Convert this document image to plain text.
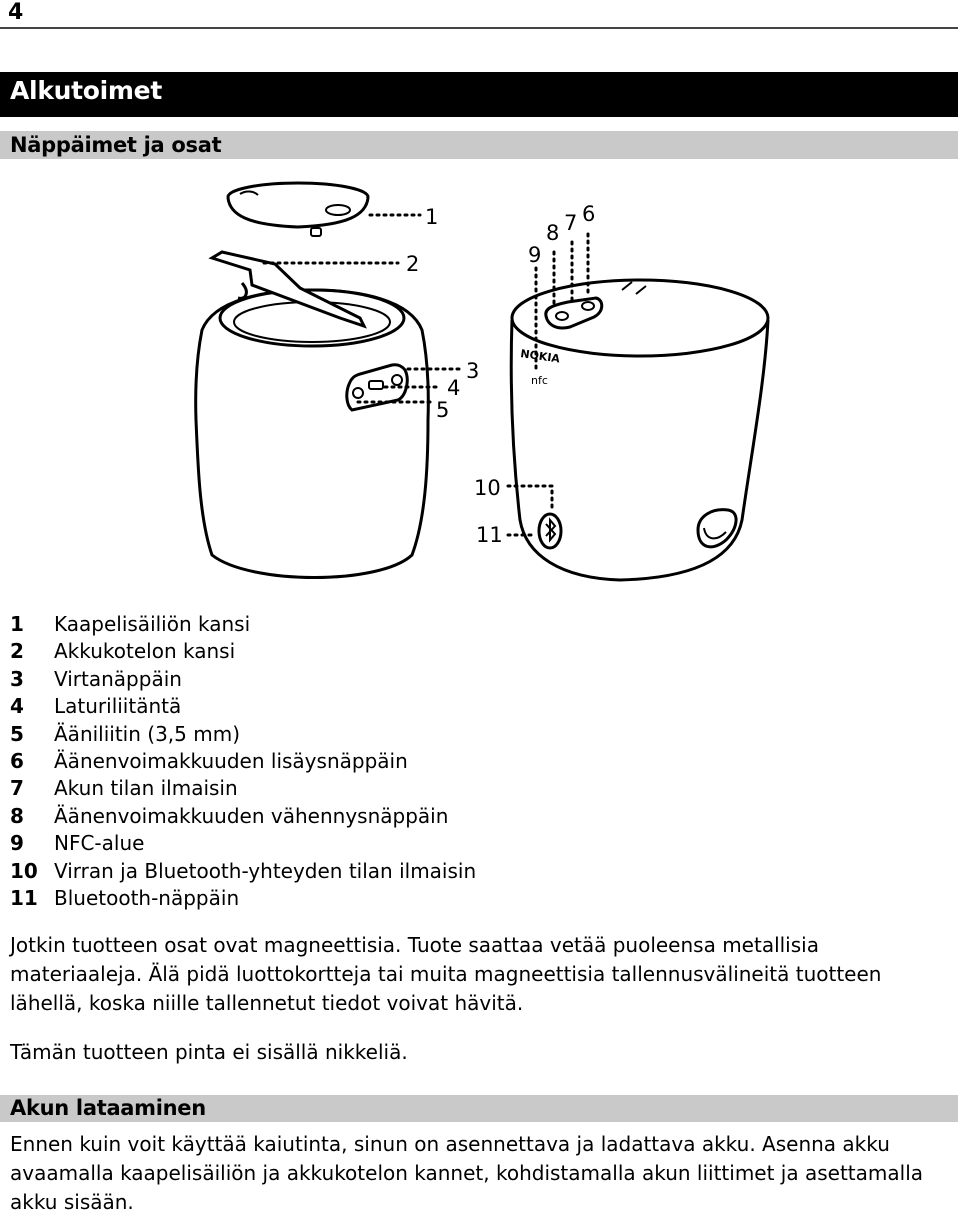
4
Alkutoimet
Näppäimet ja osat
NOKIA
nfc
1
2
3
4
5
6
7
8
9
10
11
1 Kaapelisäiliön kansi
2 Akkukotelon kansi
3 Virtanäppäin
4 Laturiliitäntä
5 Ääniliitin (3,5 mm)
6 Äänenvoimakkuuden lisäysnäppäin
7 Akun tilan ilmaisin
8 Äänenvoimakkuuden vähennysnäppäin
9 NFC-alue
10 Virran ja Bluetooth-yhteyden tilan ilmaisin
11 Bluetooth-näppäin

Jotkin tuotteen osat ovat magneettisia. Tuote saattaa vetää puoleensa metallisia materiaaleja. Älä pidä luottokortteja tai muita magneettisia tallennusvälineitä tuotteen lähellä, koska niille tallennetut tiedot voivat hävitä.

Tämän tuotteen pinta ei sisällä nikkeliä.

Akun lataaminen

Ennen kuin voit käyttää kaiutinta, sinun on asennettava ja ladattava akku. Asenna akku avaamalla kaapelisäiliön ja akkukotelon kannet, kohdistamalla akun liittimet ja asettamalla akku sisään.
